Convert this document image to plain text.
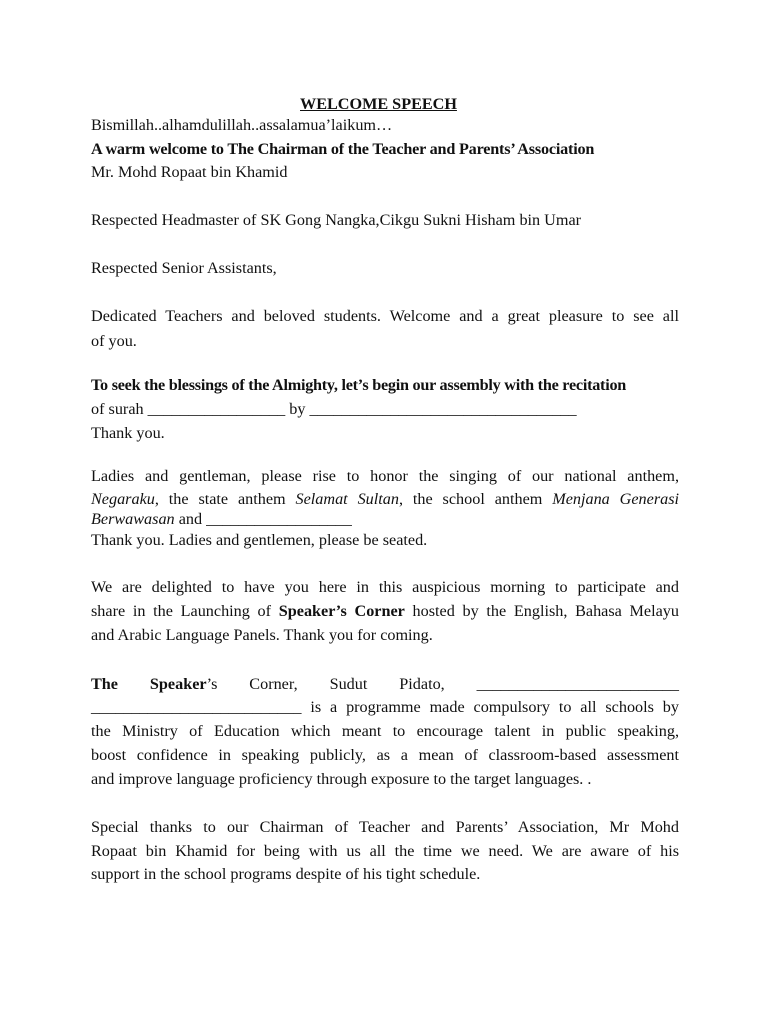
WELCOME SPEECH
Bismillah..alhamdulillah..assalamua’laikum…
A warm welcome to The Chairman of the Teacher and Parents’ Association
Mr. Mohd Ropaat bin Khamid
Respected Headmaster of SK Gong Nangka,Cikgu Sukni Hisham bin Umar
Respected Senior Assistants,
Dedicated Teachers and beloved students. Welcome and a great pleasure to see all
of you.
To seek the blessings of the Almighty, let’s begin our assembly with the recitation
of surah _________________ by _________________________________
Thank you.
Ladies and gentleman, please rise to honor the singing of our national anthem,
Negaraku, the state anthem Selamat Sultan, the school anthem Menjana Generasi
Berwawasan and __________________
Thank you. Ladies and gentlemen, please be seated.
We are delighted to have you here in this auspicious morning to participate and
share in the Launching of Speaker’s Corner hosted by the English, Bahasa Melayu
and Arabic Language Panels. Thank you for coming.
The Speaker’s Corner, Sudut Pidato, _________________________
__________________________ is a programme made compulsory to all schools by
the Ministry of Education which meant to encourage talent in public speaking,
boost confidence in speaking publicly, as a mean of classroom-based assessment
and improve language proficiency through exposure to the target languages. .
Special thanks to our Chairman of Teacher and Parents’ Association, Mr Mohd
Ropaat bin Khamid for being with us all the time we need. We are aware of his
support in the school programs despite of his tight schedule.
